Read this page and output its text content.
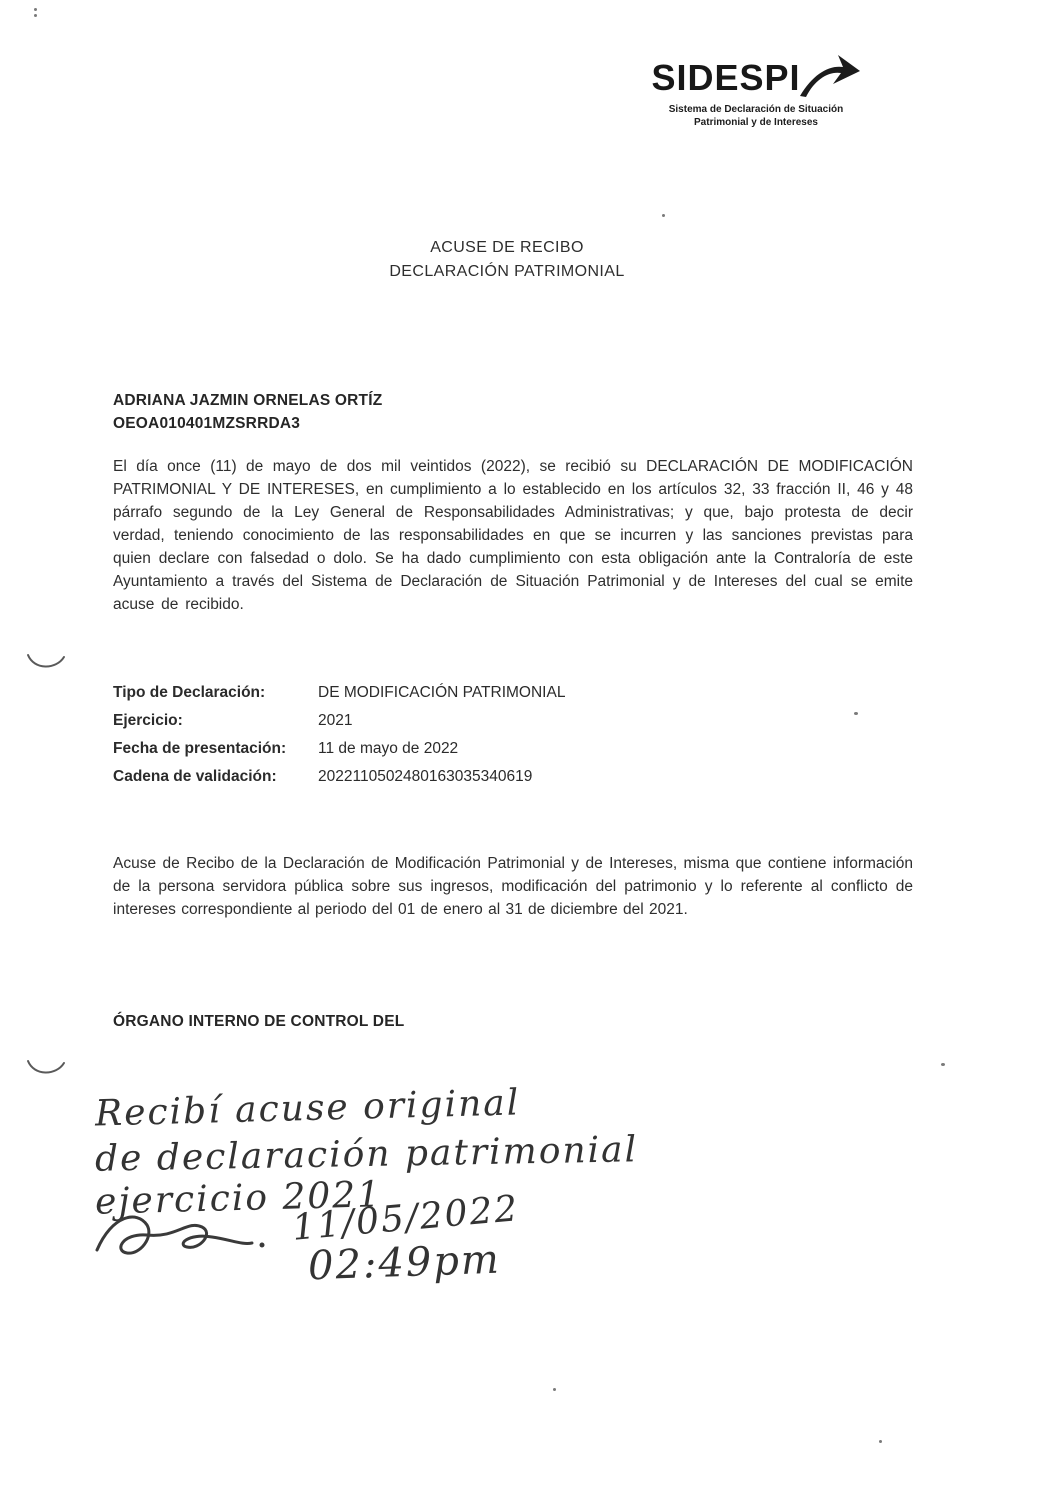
SIDESPI
Sistema de Declaración de Situación
Patrimonial y de Intereses
ACUSE DE RECIBO
DECLARACIÓN PATRIMONIAL
ADRIANA JAZMIN ORNELAS ORTÍZ
OEOA010401MZSRRDA3
El día once (11) de mayo de dos mil veintidos (2022), se recibió su DECLARACIÓN DE MODIFICACIÓN PATRIMONIAL Y DE INTERESES, en cumplimiento a lo establecido en los artículos 32, 33 fracción II, 46 y 48 párrafo segundo de la Ley General de Responsabilidades Administrativas; y que, bajo protesta de decir verdad, teniendo conocimiento de las responsabilidades en que se incurren y las sanciones previstas para quien declare con falsedad o dolo. Se ha dado cumplimiento con esta obligación ante la Contraloría de este Ayuntamiento a través del Sistema de Declaración de Situación Patrimonial y de Intereses del cual se emite acuse de recibido.
Tipo de Declaración:	DE MODIFICACIÓN PATRIMONIAL
Ejercicio:	2021
Fecha de presentación:	11 de mayo de 2022
Cadena de validación:	2022110502480163035340619
Acuse de Recibo de la Declaración de Modificación Patrimonial y de Intereses, misma que contiene información de la persona servidora pública sobre sus ingresos, modificación del patrimonio y lo referente al conflicto de intereses correspondiente al periodo del 01 de enero al 31 de diciembre del 2021.
ÓRGANO INTERNO DE CONTROL DEL
Recibí acuse original
de declaración patrimonial
ejercicio 2021
11/05/2022
02:49pm
